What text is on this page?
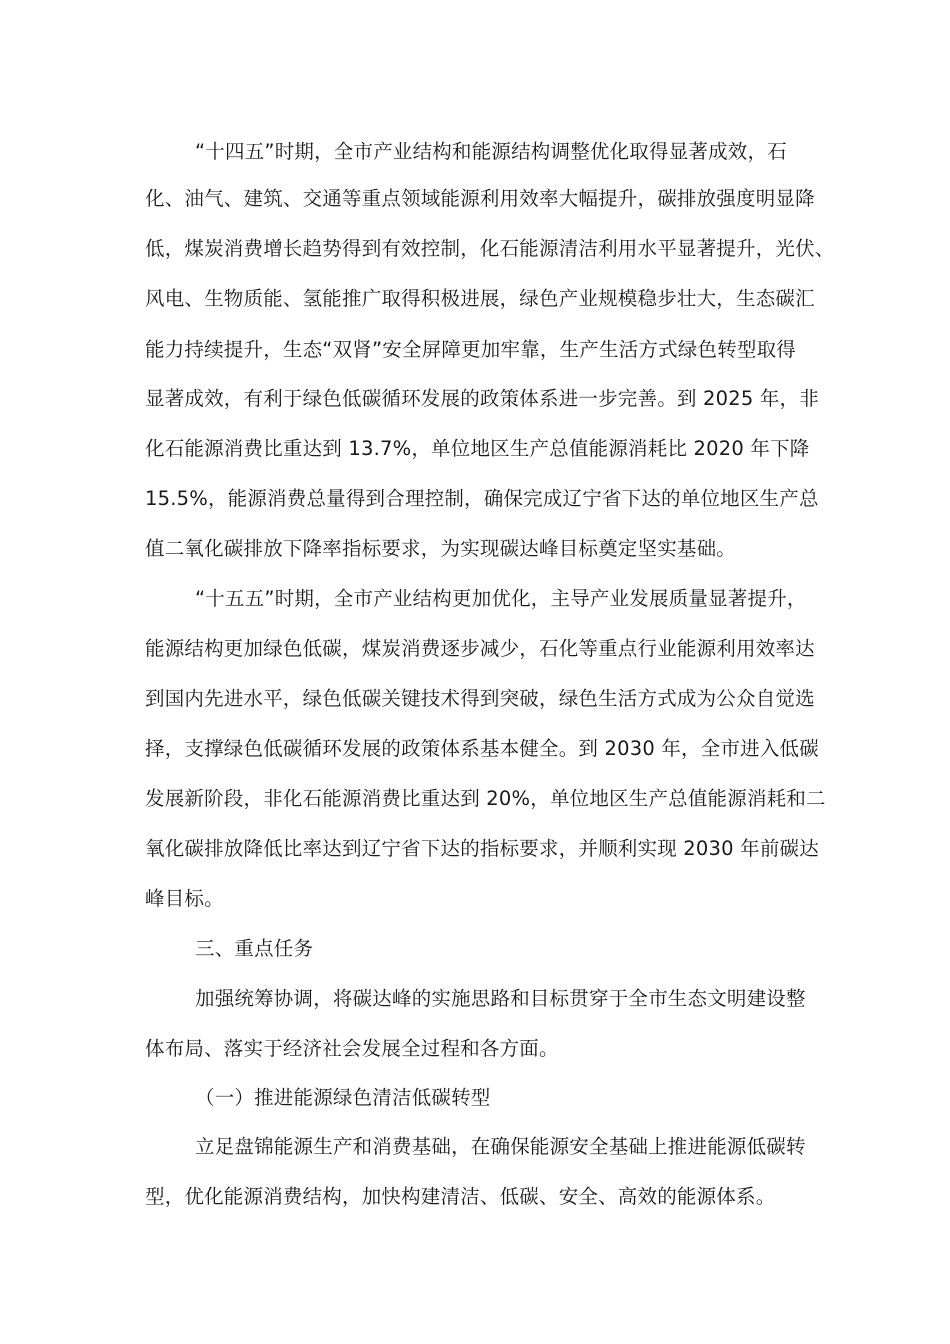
“十四五”时期，全市产业结构和能源结构调整优化取得显著成效，石
化、油气、建筑、交通等重点领域能源利用效率大幅提升，碳排放强度明显降
低，煤炭消费增长趋势得到有效控制，化石能源清洁利用水平显著提升，光伏、
风电、生物质能、氢能推广取得积极进展，绿色产业规模稳步壮大，生态碳汇
能力持续提升，生态“双肾”安全屏障更加牢靠，生产生活方式绿色转型取得
显著成效，有利于绿色低碳循环发展的政策体系进一步完善。到 2025 年，非
化石能源消费比重达到 13.7%，单位地区生产总值能源消耗比 2020 年下降
15.5%，能源消费总量得到合理控制，确保完成辽宁省下达的单位地区生产总
值二氧化碳排放下降率指标要求，为实现碳达峰目标奠定坚实基础。
“十五五”时期，全市产业结构更加优化，主导产业发展质量显著提升，
能源结构更加绿色低碳，煤炭消费逐步减少，石化等重点行业能源利用效率达
到国内先进水平，绿色低碳关键技术得到突破，绿色生活方式成为公众自觉选
择，支撑绿色低碳循环发展的政策体系基本健全。到 2030 年，全市进入低碳
发展新阶段，非化石能源消费比重达到 20%，单位地区生产总值能源消耗和二
氧化碳排放降低比率达到辽宁省下达的指标要求，并顺利实现 2030 年前碳达
峰目标。
三、重点任务
加强统筹协调，将碳达峰的实施思路和目标贯穿于全市生态文明建设整
体布局、落实于经济社会发展全过程和各方面。
（一）推进能源绿色清洁低碳转型
立足盘锦能源生产和消费基础，在确保能源安全基础上推进能源低碳转
型，优化能源消费结构，加快构建清洁、低碳、安全、高效的能源体系。
